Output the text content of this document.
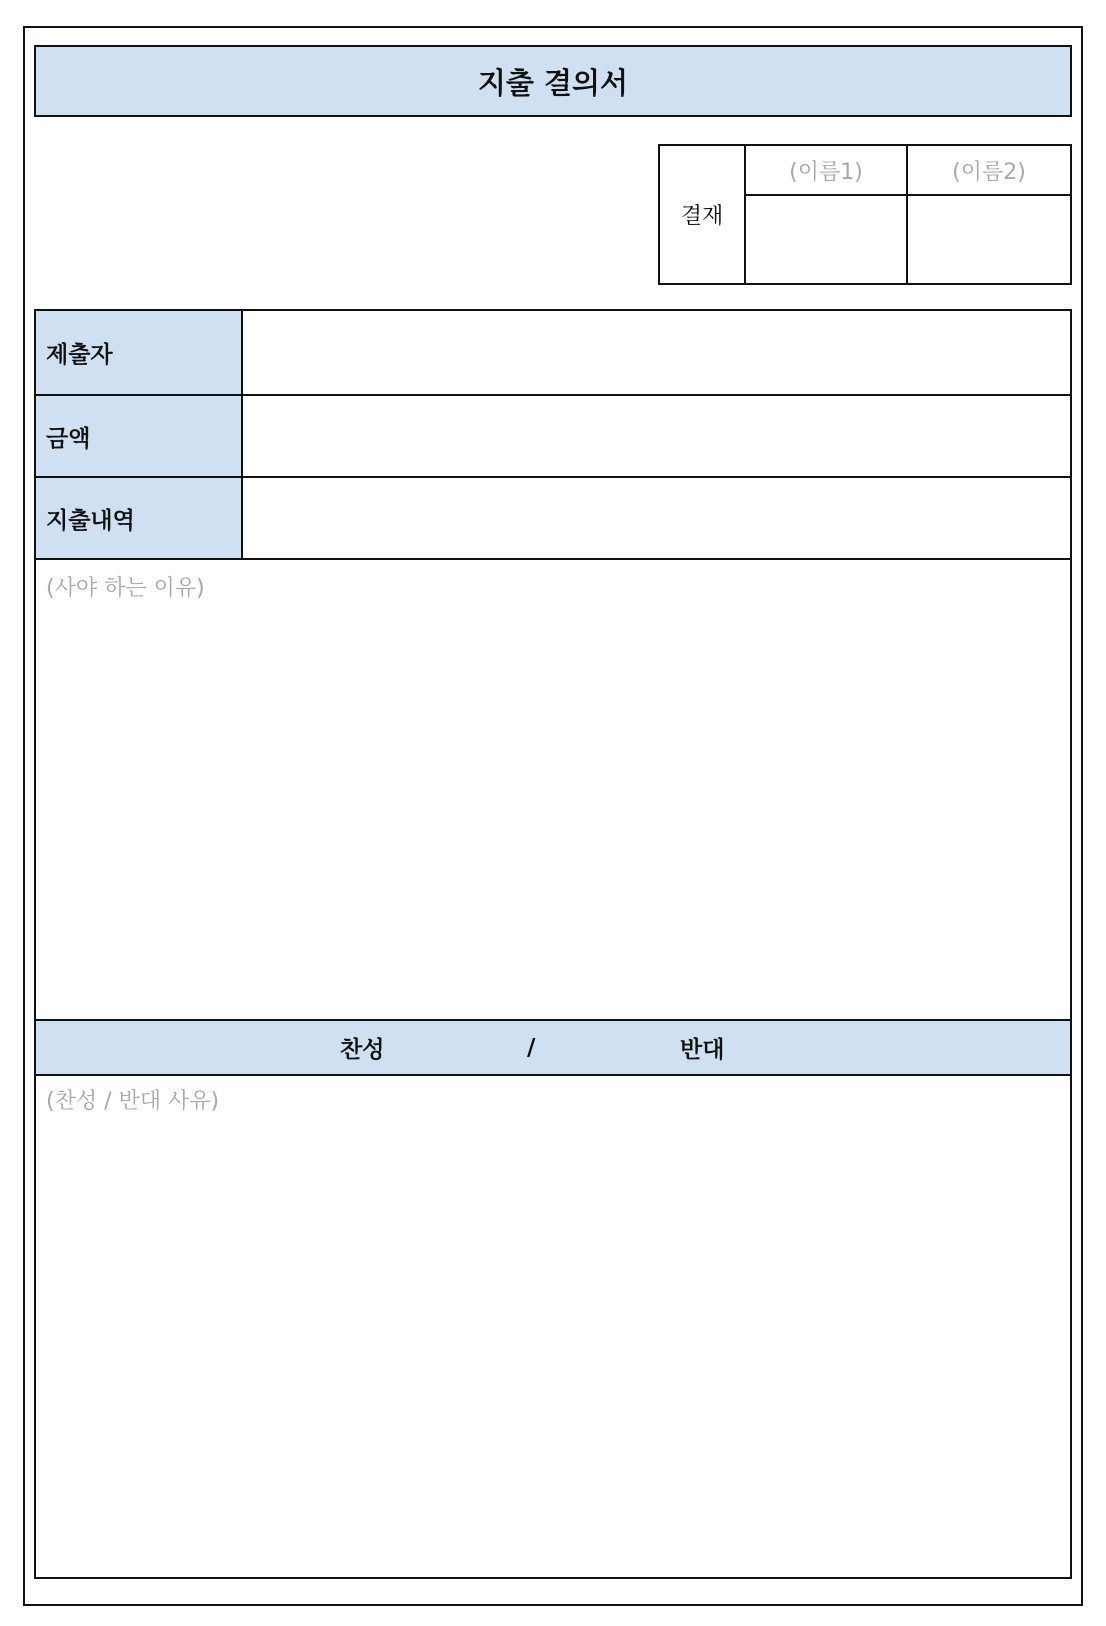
지출 결의서
결재
(이름1)	(이름2)
제출자
금액
지출내역
(사야 하는 이유)
찬성	/	반대
(찬성 / 반대 사유)
